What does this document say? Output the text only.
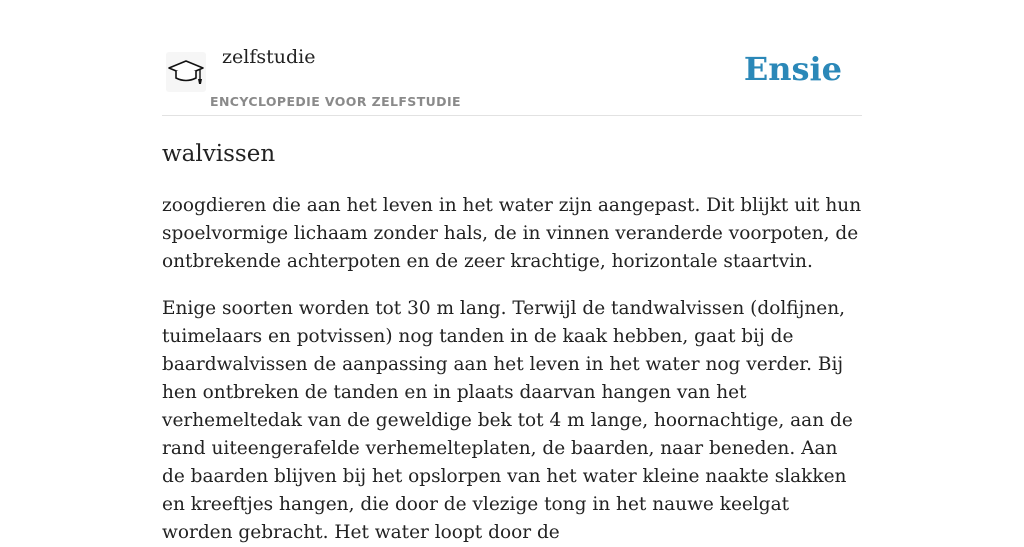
zelfstudie
ENCYCLOPEDIE VOOR ZELFSTUDIE
Ensie
walvissen

zoogdieren die aan het leven in het water zijn aangepast. Dit blijkt uit hun spoelvormige lichaam zonder hals, de in vinnen veranderde voorpoten, de ontbrekende achterpoten en de zeer krachtige, horizontale staartvin.

Enige soorten worden tot 30 m lang. Terwijl de tandwalvissen (dolfijnen, tuimelaars en potvissen) nog tanden in de kaak hebben, gaat bij de baardwalvissen de aanpassing aan het leven in het water nog verder. Bij hen ontbreken de tanden en in plaats daarvan hangen van het verhemeltedak van de geweldige bek tot 4 m lange, hoornachtige, aan de rand uiteengerafelde verhemelteplaten, de baarden, naar beneden. Aan de baarden blijven bij het opslorpen van het water kleine naakte slakken en kreeftjes hangen, die door de vlezige tong in het nauwe keelgat worden gebracht. Het water loopt door de
